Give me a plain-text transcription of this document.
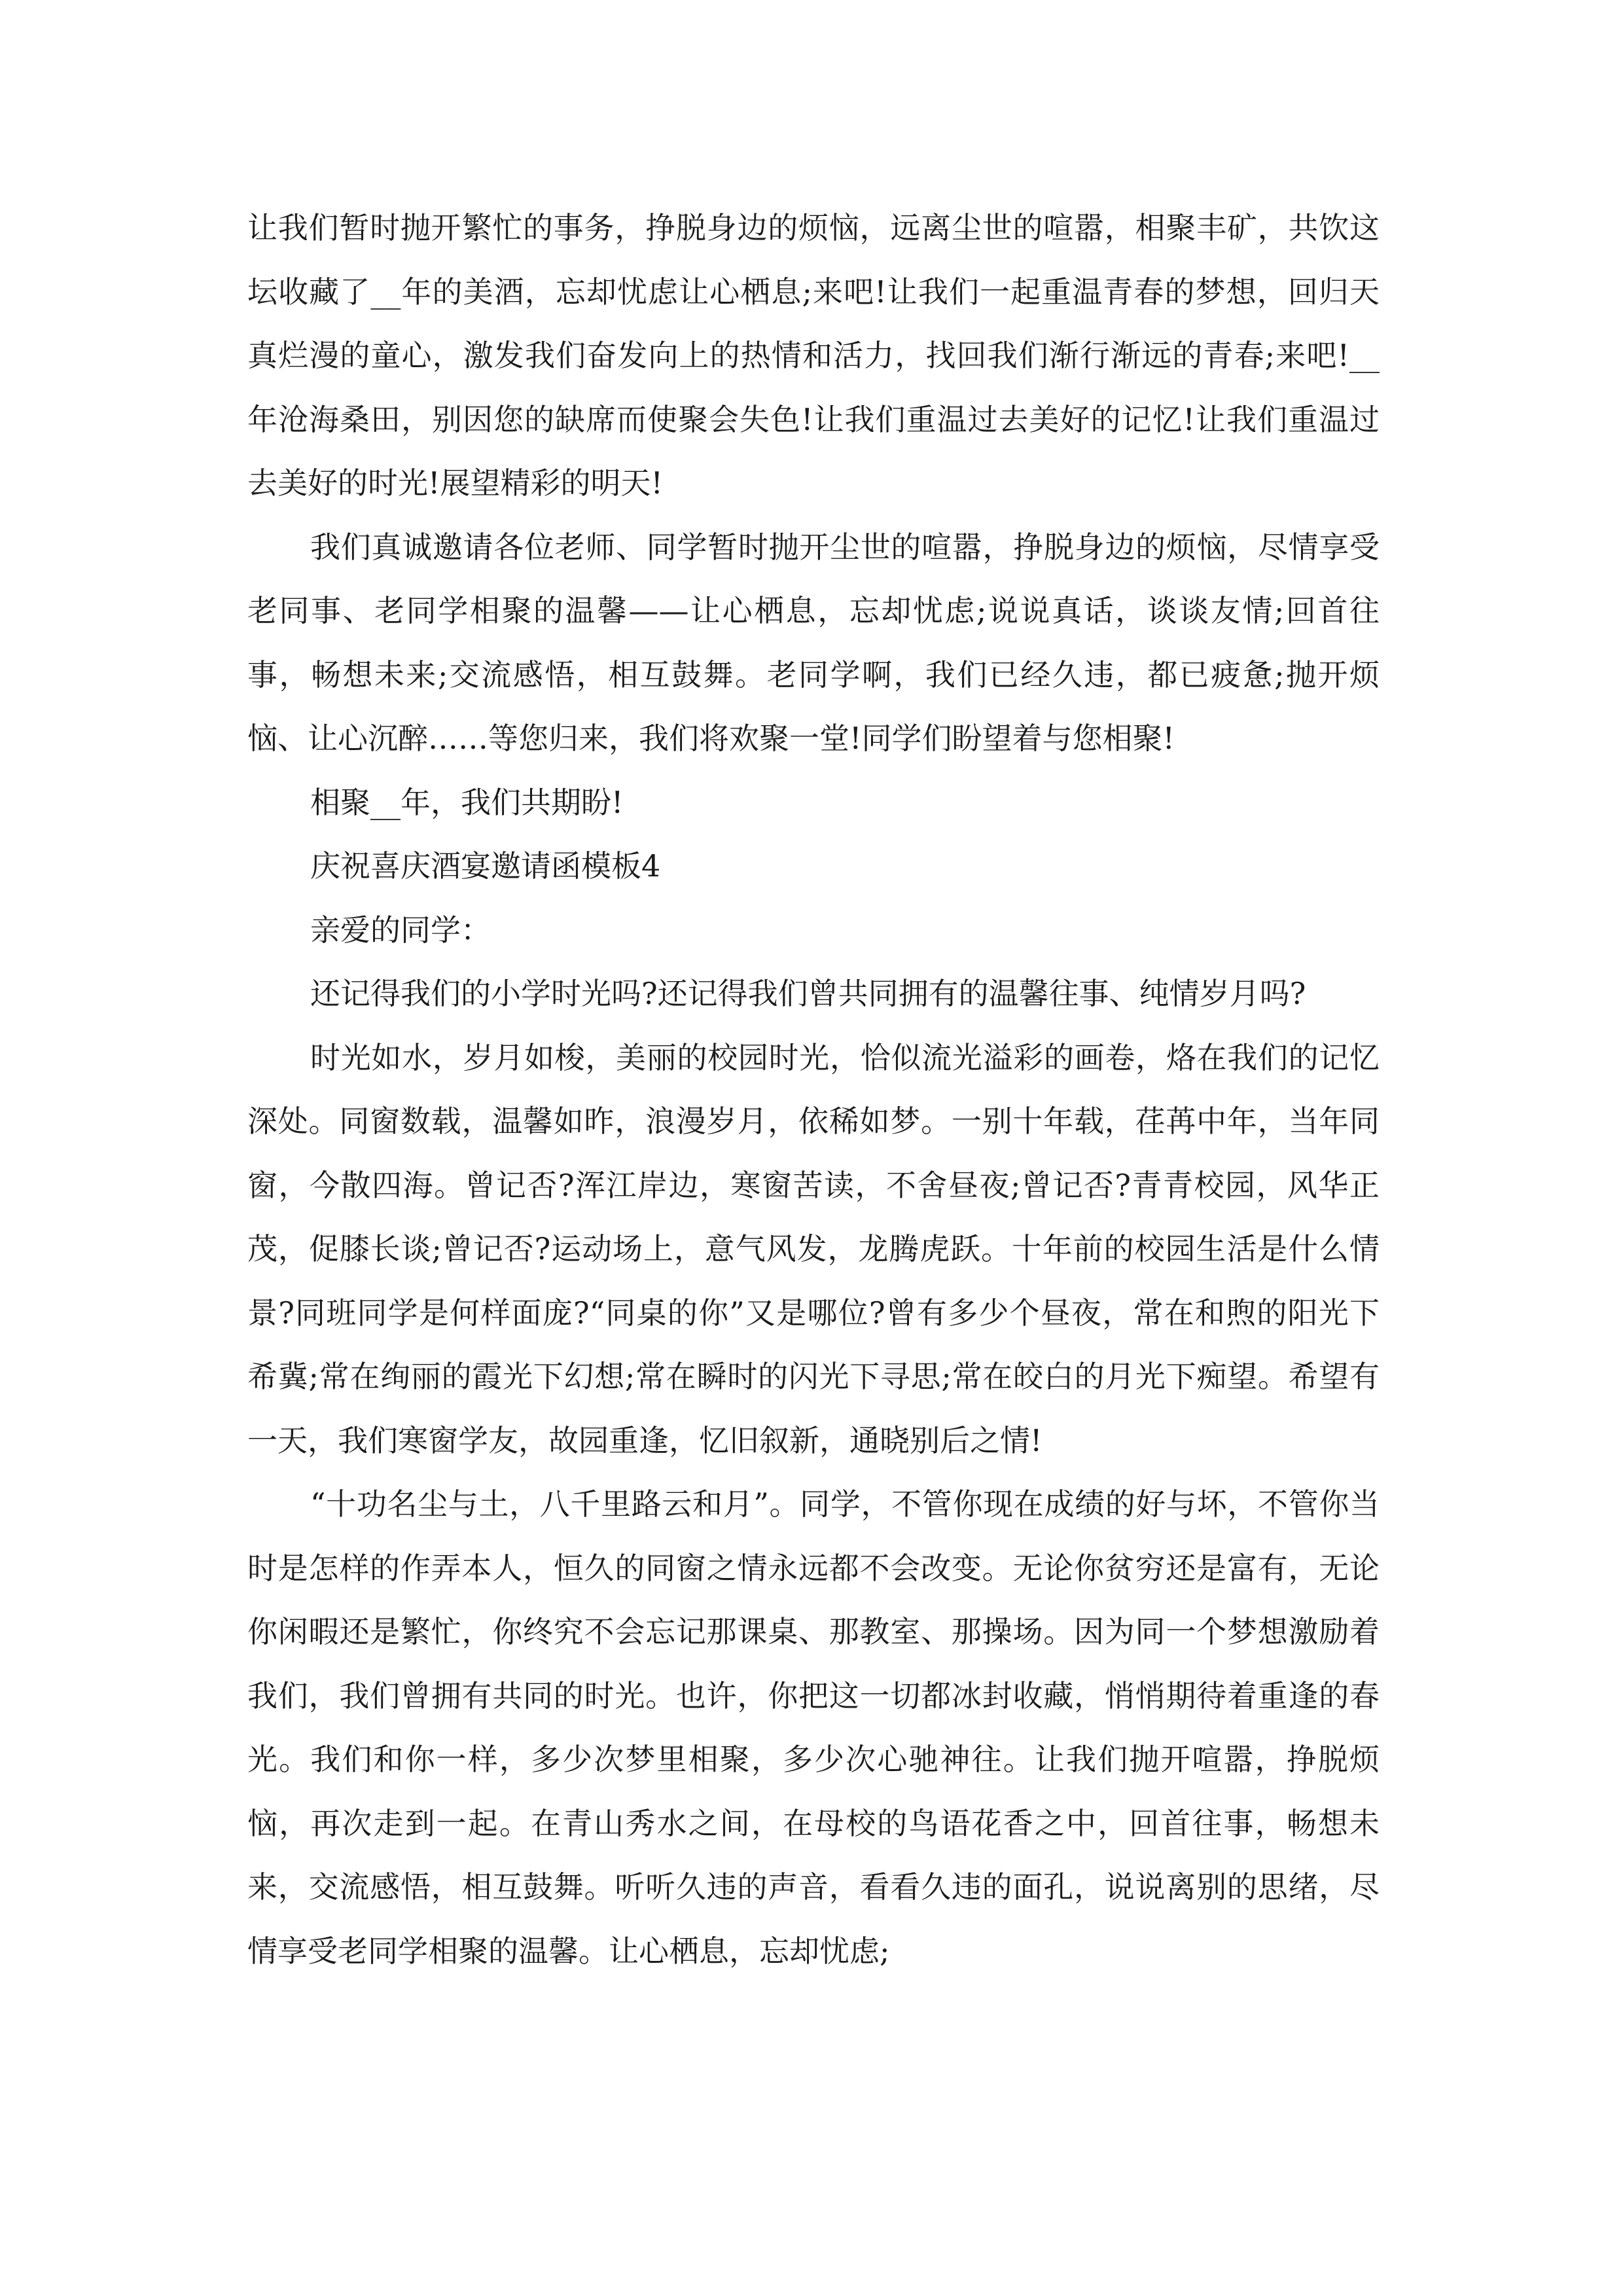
让我们暂时抛开繁忙的事务，挣脱身边的烦恼，远离尘世的喧嚣，相聚丰矿，共饮这坛收藏了__年的美酒，忘却忧虑让心栖息;来吧!让我们一起重温青春的梦想，回归天真烂漫的童心，激发我们奋发向上的热情和活力，找回我们渐行渐远的青春;来吧!__年沧海桑田，别因您的缺席而使聚会失色!让我们重温过去美好的记忆!让我们重温过去美好的时光!展望精彩的明天!

我们真诚邀请各位老师、同学暂时抛开尘世的喧嚣，挣脱身边的烦恼，尽情享受老同事、老同学相聚的温馨——让心栖息，忘却忧虑;说说真话，谈谈友情;回首往事，畅想未来;交流感悟，相互鼓舞。老同学啊，我们已经久违，都已疲惫;抛开烦恼、让心沉醉……等您归来，我们将欢聚一堂!同学们盼望着与您相聚!

相聚__年，我们共期盼!

庆祝喜庆酒宴邀请函模板4

亲爱的同学：

还记得我们的小学时光吗?还记得我们曾共同拥有的温馨往事、纯情岁月吗?

时光如水，岁月如梭，美丽的校园时光，恰似流光溢彩的画卷，烙在我们的记忆深处。同窗数载，温馨如昨，浪漫岁月，依稀如梦。一别十年载，荏苒中年，当年同窗，今散四海。曾记否?浑江岸边，寒窗苦读，不舍昼夜;曾记否?青青校园，风华正茂，促膝长谈;曾记否?运动场上，意气风发，龙腾虎跃。十年前的校园生活是什么情景?同班同学是何样面庞?“同桌的你”又是哪位?曾有多少个昼夜，常在和煦的阳光下希冀;常在绚丽的霞光下幻想;常在瞬时的闪光下寻思;常在皎白的月光下痴望。希望有一天，我们寒窗学友，故园重逢，忆旧叙新，通晓别后之情!

“十功名尘与土，八千里路云和月”。同学，不管你现在成绩的好与坏，不管你当时是怎样的作弄本人，恒久的同窗之情永远都不会改变。无论你贫穷还是富有，无论你闲暇还是繁忙，你终究不会忘记那课桌、那教室、那操场。因为同一个梦想激励着我们，我们曾拥有共同的时光。也许，你把这一切都冰封收藏，悄悄期待着重逢的春光。我们和你一样，多少次梦里相聚，多少次心驰神往。让我们抛开喧嚣，挣脱烦恼，再次走到一起。在青山秀水之间，在母校的鸟语花香之中，回首往事，畅想未来，交流感悟，相互鼓舞。听听久违的声音，看看久违的面孔，说说离别的思绪，尽情享受老同学相聚的温馨。让心栖息，忘却忧虑;
